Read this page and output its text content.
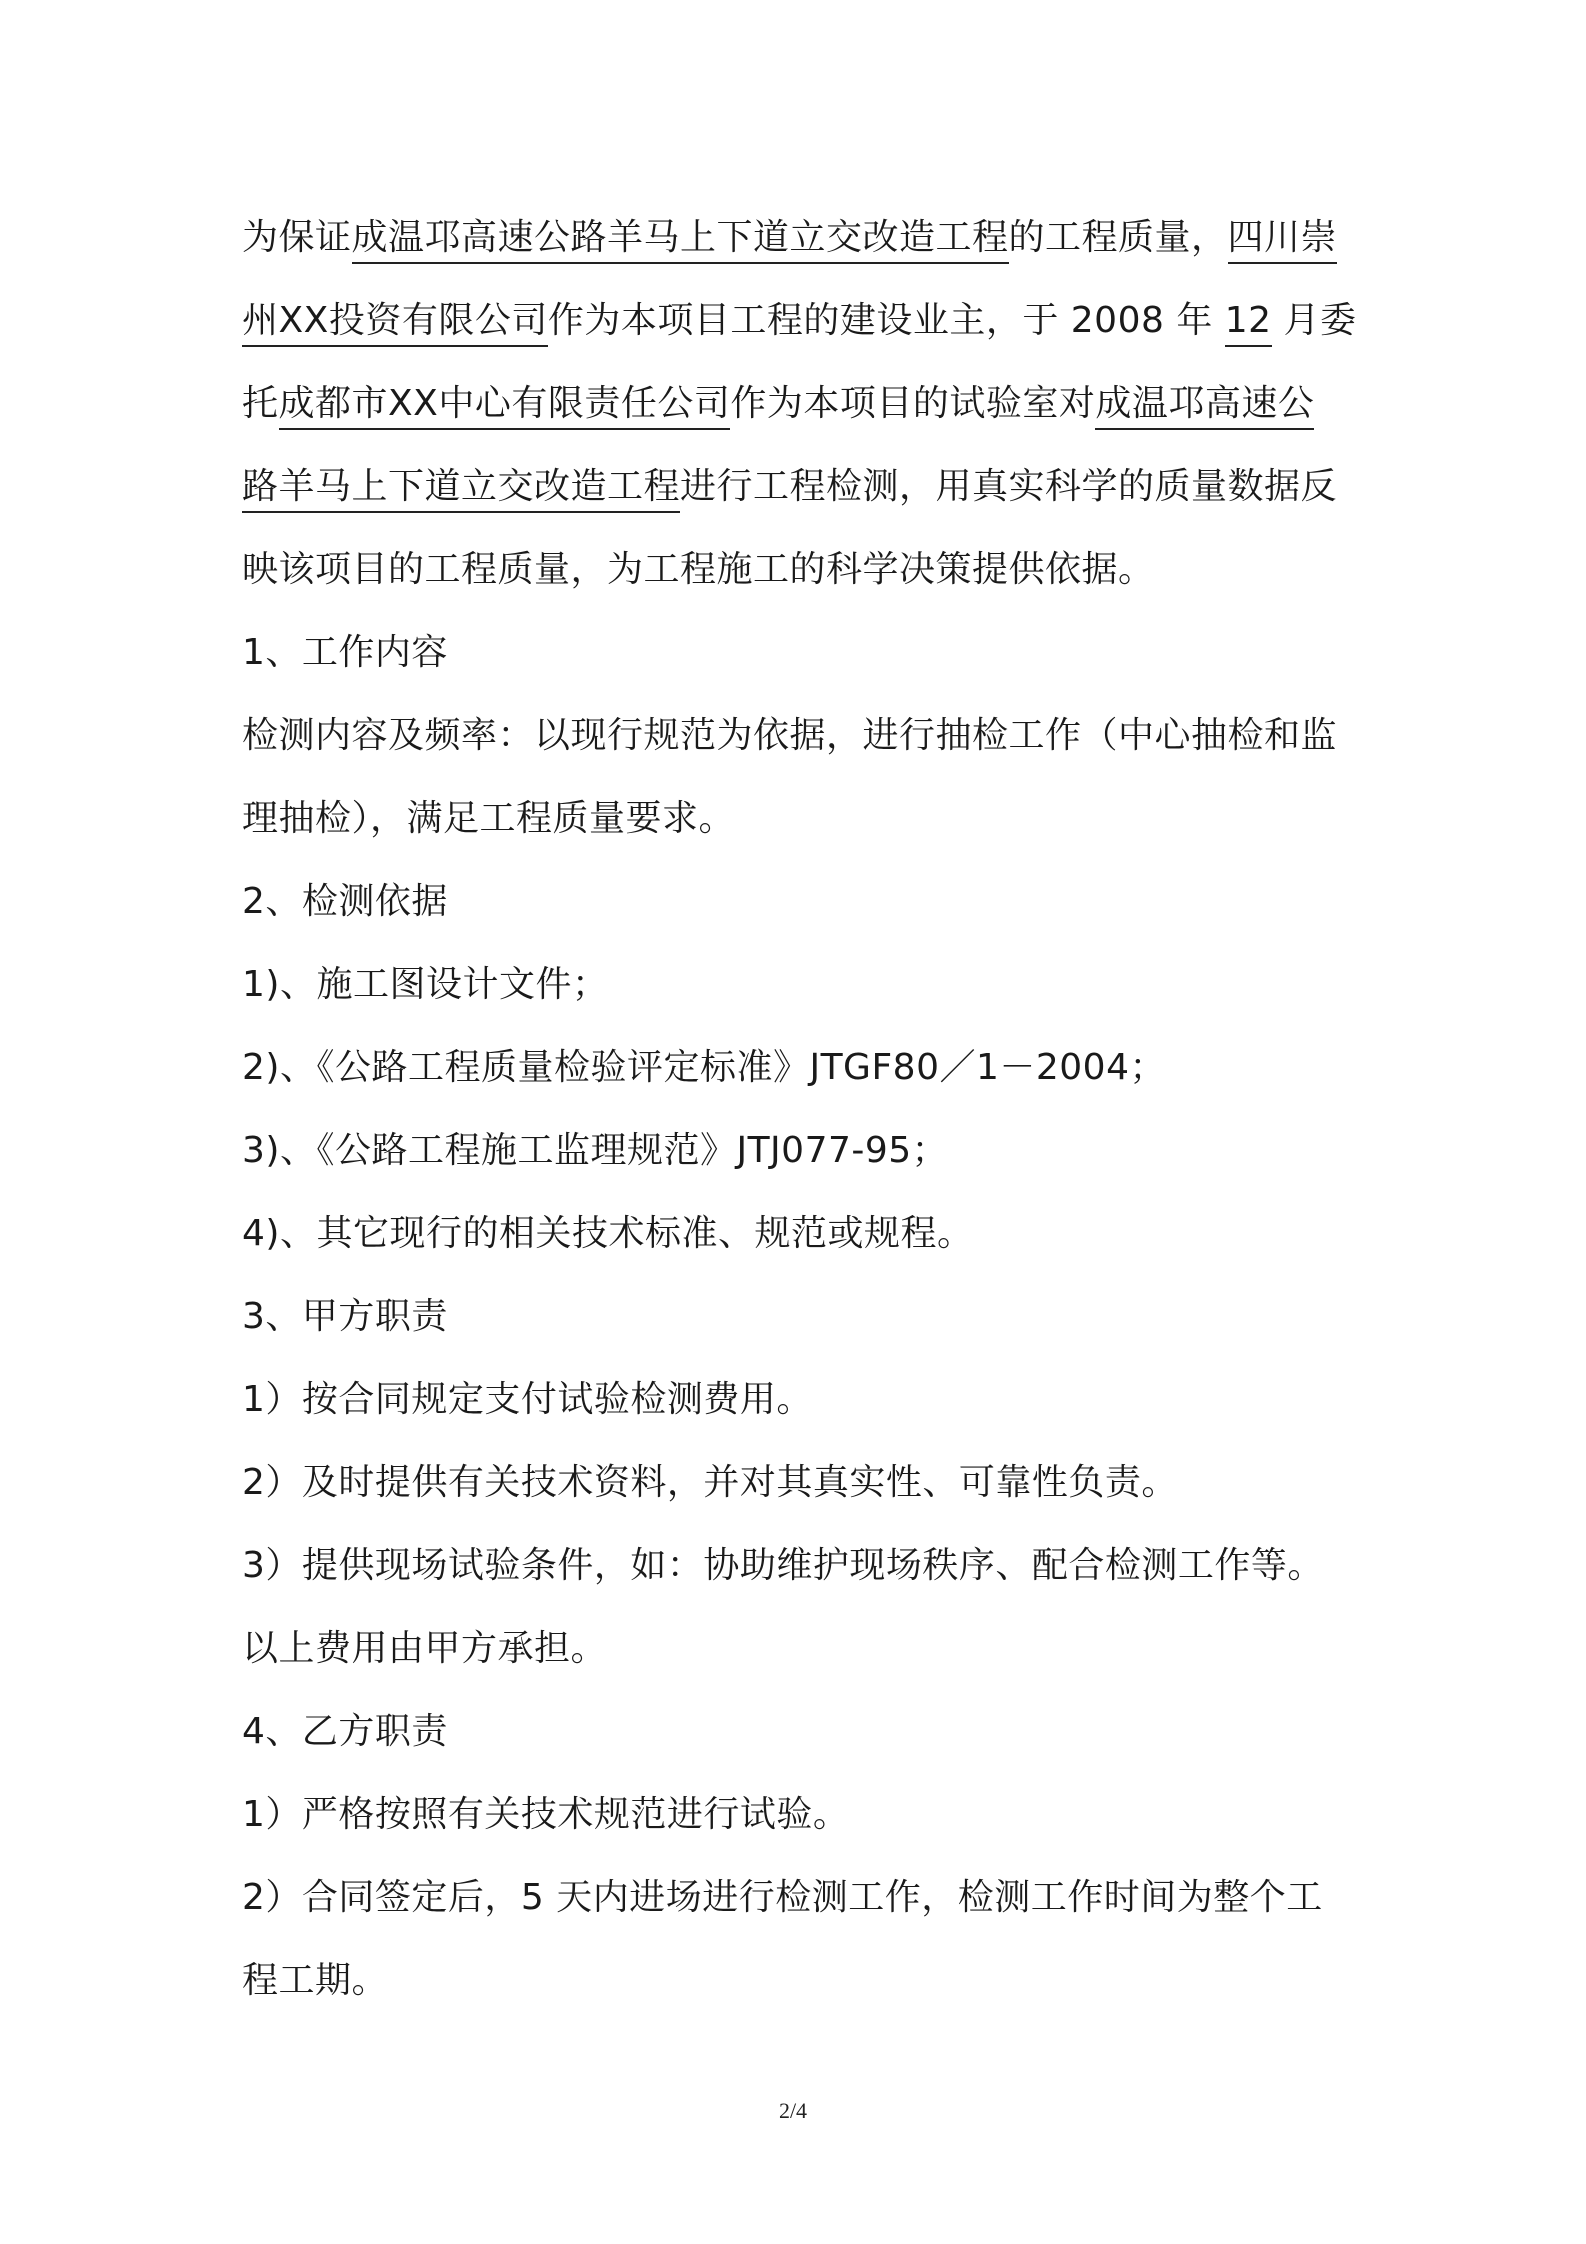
为保证成温邛高速公路羊马上下道立交改造工程的工程质量，四川崇
州XX投资有限公司作为本项目工程的建设业主，于 2008 年 12 月委
托成都市XX中心有限责任公司作为本项目的试验室对成温邛高速公
路羊马上下道立交改造工程进行工程检测，用真实科学的质量数据反
映该项目的工程质量，为工程施工的科学决策提供依据。
1、工作内容
检测内容及频率：以现行规范为依据，进行抽检工作（中心抽检和监
理抽检），满足工程质量要求。
2、检测依据
1)、施工图设计文件；
2)、《公路工程质量检验评定标准》JTGF80／1－2004；
3)、《公路工程施工监理规范》JTJ077-95；
4)、其它现行的相关技术标准、规范或规程。
3、甲方职责
1）按合同规定支付试验检测费用。
2）及时提供有关技术资料，并对其真实性、可靠性负责。
3）提供现场试验条件，如：协助维护现场秩序、配合检测工作等。
以上费用由甲方承担。
4、乙方职责
1）严格按照有关技术规范进行试验。
2）合同签定后，5 天内进场进行检测工作，检测工作时间为整个工
程工期。
2/4
